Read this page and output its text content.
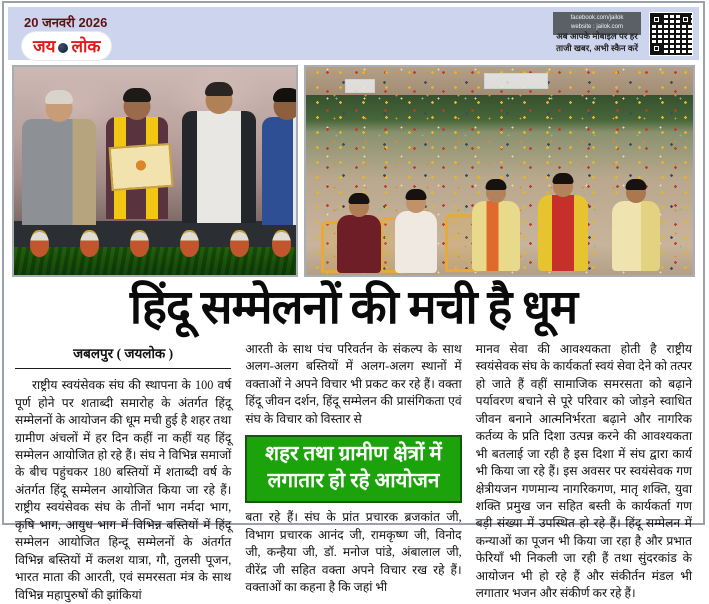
20 जनवरी 2026
जय लोक
facebook.com/jailok
website : jailok.com
अब आपके मोबाइल पर हर
ताजी खबर, अभी स्कैन करें
हिंदू सम्मेलनों की मची है धूम
जबलपुर ( जयलोक )

राष्ट्रीय स्वयंसेवक संघ की स्थापना के 100 वर्ष पूर्ण होने पर शताब्दी समारोह के अंतर्गत हिंदू सम्मेलनों के आयोजन की धूम मची हुई है शहर तथा ग्रामीण अंचलों में हर दिन कहीं ना कहीं यह हिंदू सम्मेलन आयोजित हो रहे हैं। संघ ने विभिन्न समाजों के बीच पहुंचकर 180 बस्तियों में शताब्दी वर्ष के अंतर्गत हिंदू सम्मेलन आयोजित किया जा रहे हैं। राष्ट्रीय स्वयंसेवक संघ के तीनों भाग नर्मदा भाग, कृषि भाग, आयुध भाग में विभिन्न बस्तियों में हिंदू सम्मेलन आयोजित हिन्दू सम्मेलनों के अंतर्गत विभिन्न बस्तियों में कलश यात्रा, गौ, तुलसी पूजन, भारत माता की आरती, एवं समरसता मंत्र के साथ विभिन्न महापुरुषों की झांकियां

आरती के साथ पंच परिवर्तन के संकल्प के साथ अलग-अलग बस्तियों में अलग-अलग स्थानों में वक्ताओं ने अपने विचार भी प्रकट कर रहे हैं। वक्ता हिंदू जीवन दर्शन, हिंदू सम्मेलन की प्रासंगिकता एवं संघ के विचार को विस्तार से

शहर तथा ग्रामीण क्षेत्रों में
लगातार हो रहे आयोजन

बता रहे हैं। संघ के प्रांत प्रचारक ब्रजकांत जी, विभाग प्रचारक आनंद जी, रामकृष्ण जी, विनोद जी, कन्हैया जी, डॉ. मनोज पांडे, अंबालाल जी, वीरेंद्र जी सहित वक्ता अपने विचार रख रहे हैं। वक्ताओं का कहना है कि जहां भी

मानव सेवा की आवश्यकता होती है राष्ट्रीय स्वयंसेवक संघ के कार्यकर्ता स्वयं सेवा देने को तत्पर हो जाते हैं वहीं सामाजिक समरसता को बढ़ाने पर्यावरण बचाने से पूरे परिवार को जोड़ने स्वाधित जीवन बनाने आत्मनिर्भरता बढ़ाने और नागरिक कर्तव्य के प्रति दिशा उत्पन्न करने की आवश्यकता भी बतलाई जा रही है इस दिशा में संघ द्वारा कार्य भी किया जा रहे हैं। इस अवसर पर स्वयंसेवक गण क्षेत्रीयजन गणमान्य नागरिकगण, मातृ शक्ति, युवा शक्ति प्रमुख जन सहित बस्ती के कार्यकर्ता गण बड़ी संख्या में उपस्थित हो रहे हैं। हिंदू सम्मेलन में कन्याओं का पूजन भी किया जा रहा है और प्रभात फेरियाँ भी निकली जा रही हैं तथा सुंदरकांड के आयोजन भी हो रहे हैं और संकीर्तन मंडल भी लगातार भजन और संकीर्ण कर रहे हैं।
